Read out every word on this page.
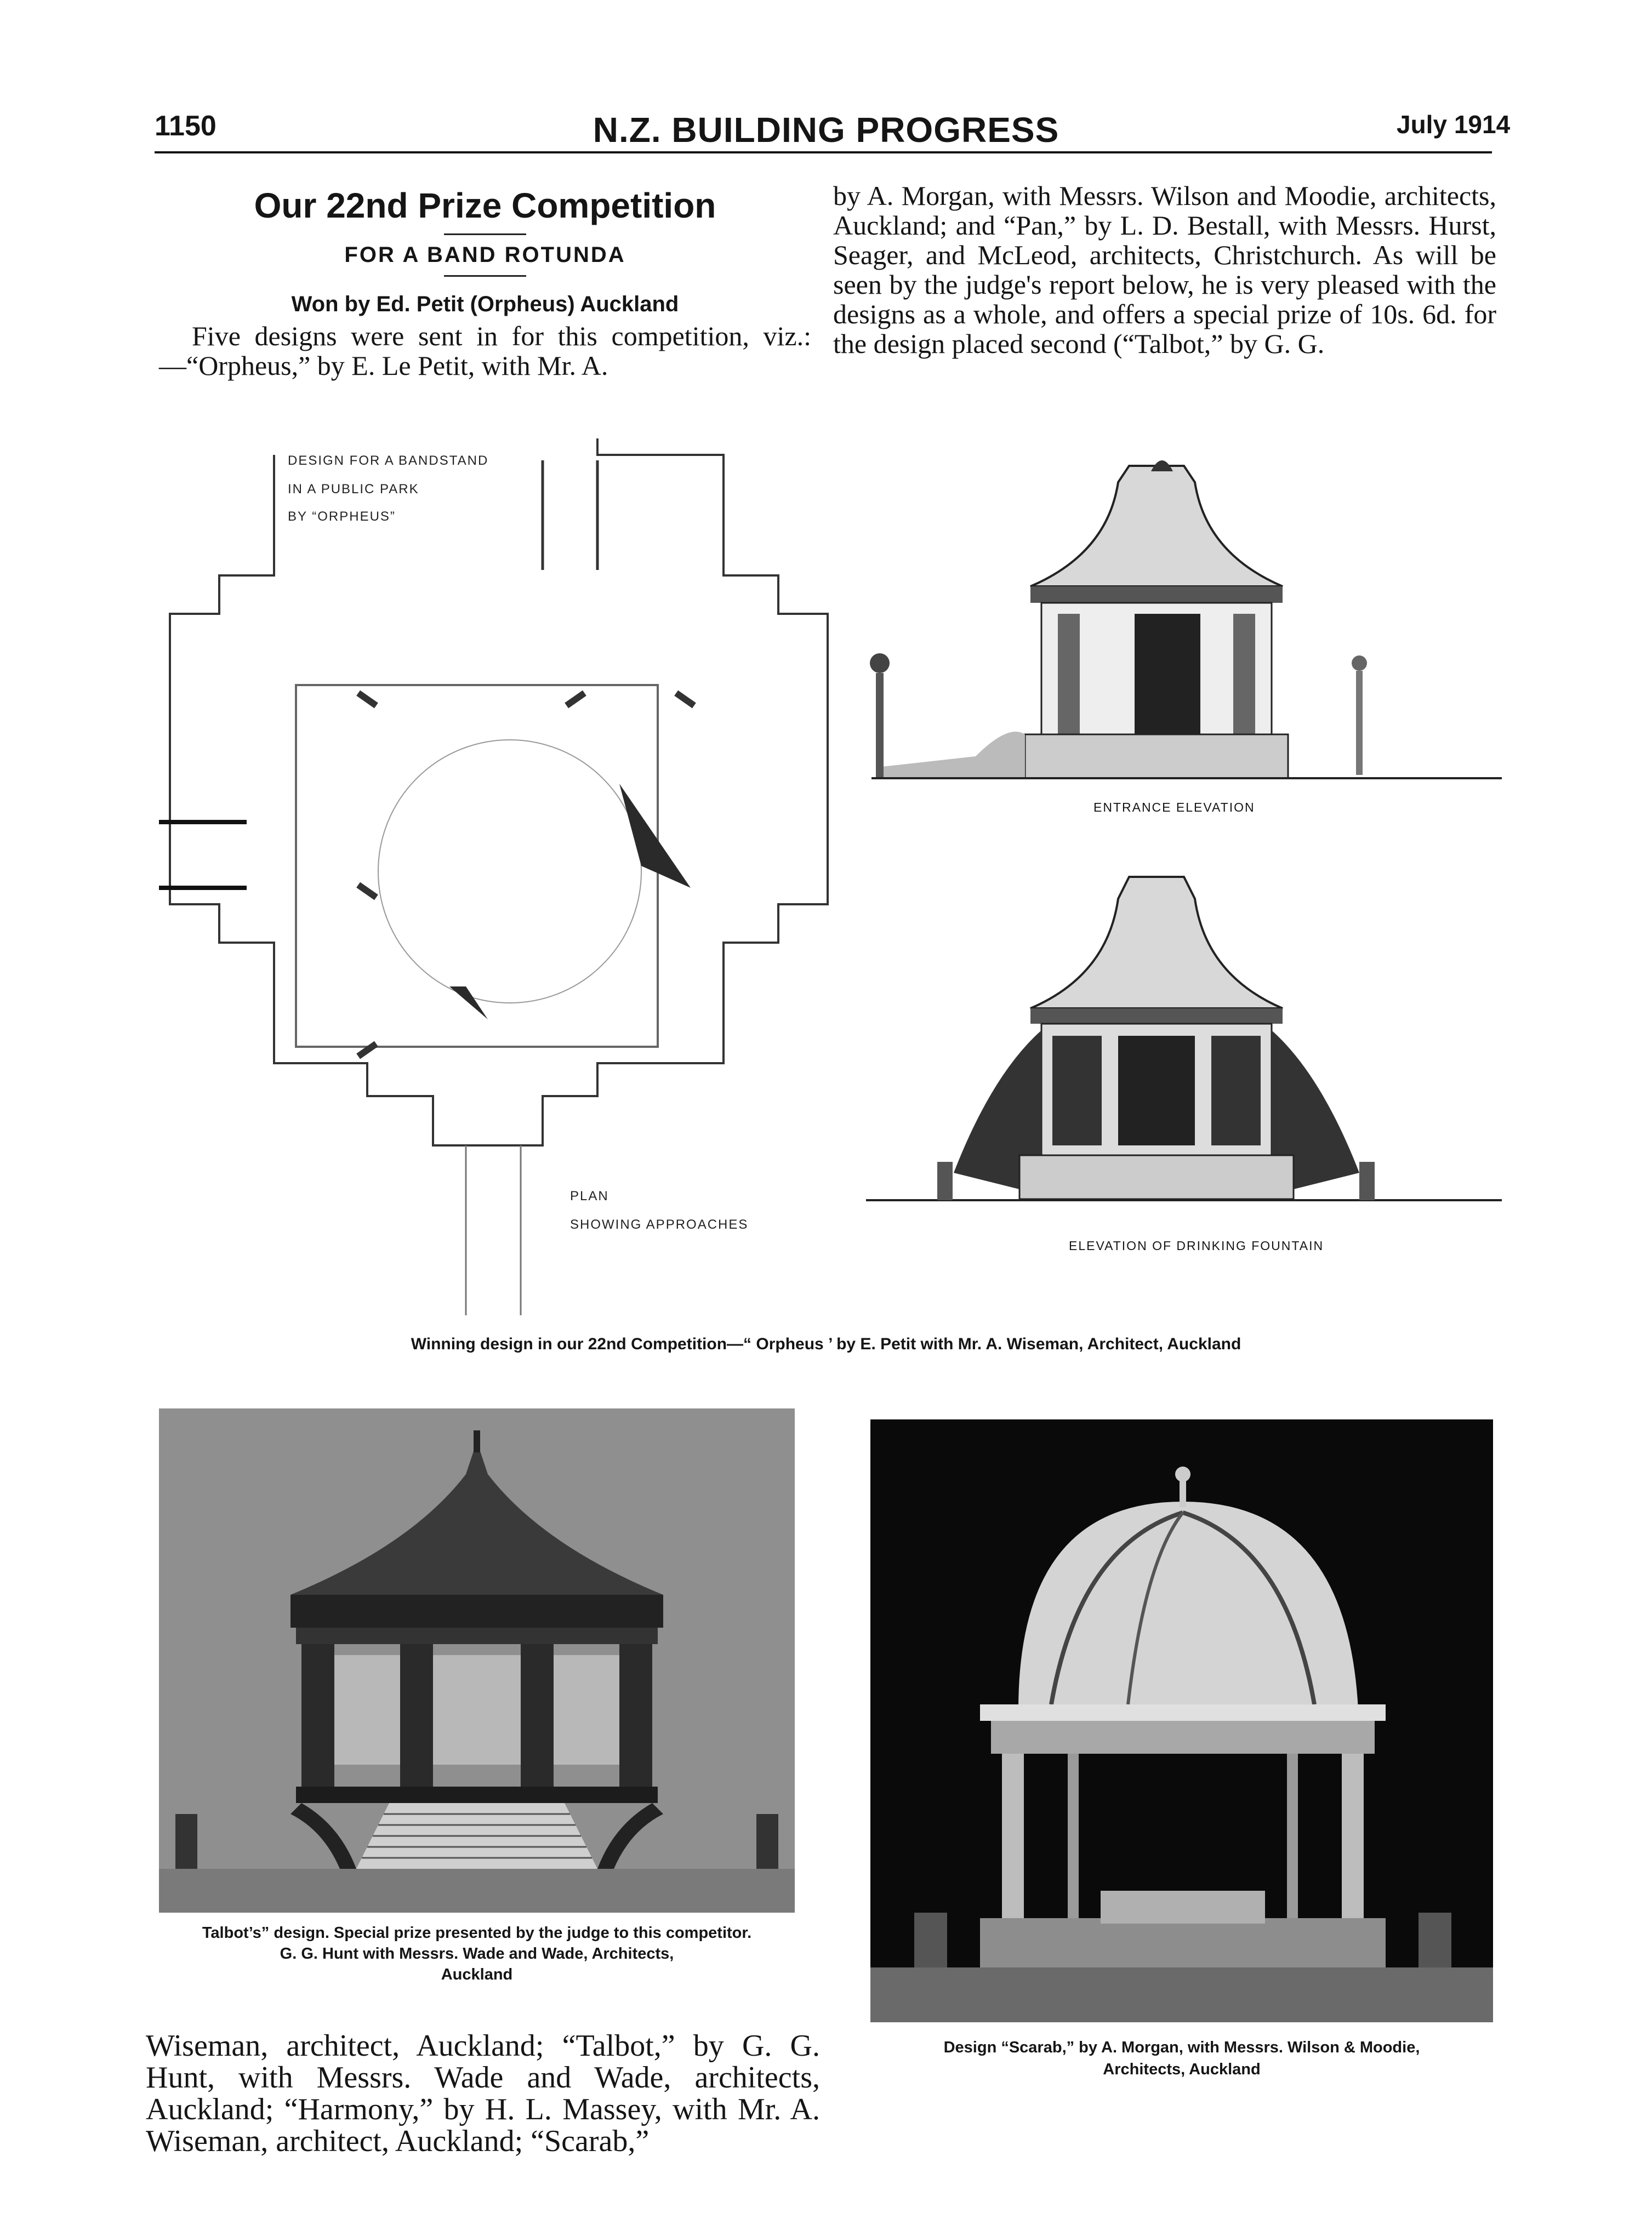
1150	N.Z. BUILDING PROGRESS	July 1914
Our 22nd Prize Competition
FOR A BAND ROTUNDA
Won by Ed. Petit (Orpheus) Auckland

Five designs were sent in for this competition, viz.:—“Orpheus,” by E. Le Petit, with Mr. A.

by A. Morgan, with Messrs. Wilson and Moodie, architects, Auckland; and “Pan,” by L. D. Bestall, with Messrs. Hurst, Seager, and McLeod, architects, Christchurch. As will be seen by the judge's report below, he is very pleased with the designs as a whole, and offers a special prize of 10s. 6d. for the design placed second (“Talbot,” by G. G.

DESIGN FOR A BANDSTAND
IN A PUBLIC PARK
BY “ORPHEUS”
PLAN
SHOWING APPROACHES
ENTRANCE ELEVATION
ELEVATION OF DRINKING FOUNTAIN
Winning design in our 22nd Competition—“ Orpheus ’ by E. Petit with Mr. A. Wiseman, Architect, Auckland
Talbot’s” design. Special prize presented by the judge to this competitor.
G. G. Hunt with Messrs. Wade and Wade, Architects,
Auckland
Design “Scarab,” by A. Morgan, with Messrs. Wilson & Moodie,
Architects, Auckland

Wiseman, architect, Auckland; “Talbot,” by G. G. Hunt, with Messrs. Wade and Wade, architects, Auckland; “Harmony,” by H. L. Massey, with Mr. A. Wiseman, architect, Auckland; “Scarab,”
